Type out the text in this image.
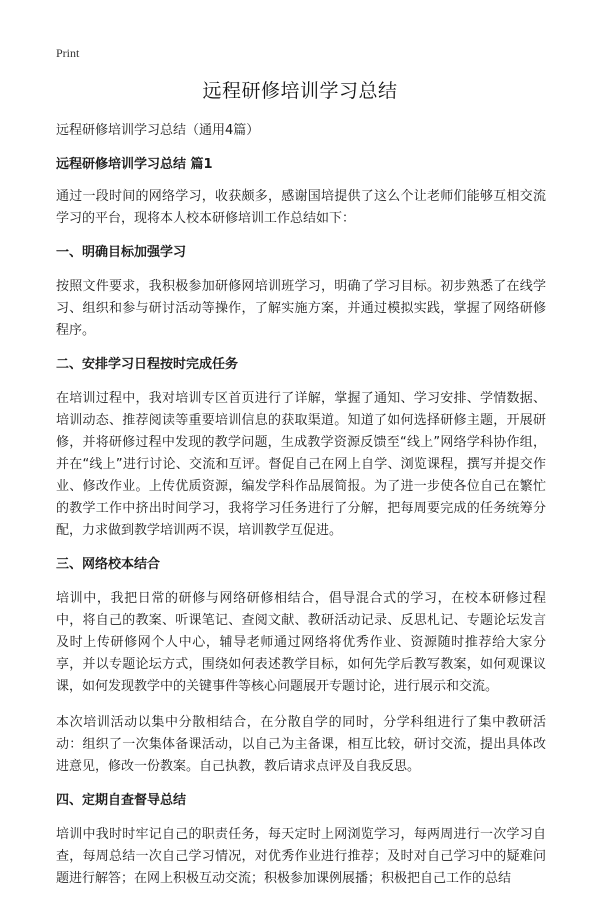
Print
远程研修培训学习总结

远程研修培训学习总结（通用4篇）

远程研修培训学习总结 篇1

通过一段时间的网络学习，收获颇多，感谢国培提供了这么个让老师们能够互相交流学习的平台，现将本人校本研修培训工作总结如下：

一、明确目标加强学习

按照文件要求，我积极参加研修网培训班学习，明确了学习目标。初步熟悉了在线学习、组织和参与研讨活动等操作，了解实施方案，并通过模拟实践，掌握了网络研修程序。

二、安排学习日程按时完成任务

在培训过程中，我对培训专区首页进行了详解，掌握了通知、学习安排、学情数据、培训动态、推荐阅读等重要培训信息的获取渠道。知道了如何选择研修主题，开展研修，并将研修过程中发现的教学问题，生成教学资源反馈至“线上”网络学科协作组，并在“线上”进行讨论、交流和互评。督促自己在网上自学、浏览课程，撰写并提交作业、修改作业。上传优质资源，编发学科作品展简报。为了进一步使各位自己在繁忙的教学工作中挤出时间学习，我将学习任务进行了分解，把每周要完成的任务统筹分配，力求做到教学培训两不误，培训教学互促进。

三、网络校本结合

培训中，我把日常的研修与网络研修相结合，倡导混合式的学习，在校本研修过程中，将自己的教案、听课笔记、查阅文献、教研活动记录、反思札记、专题论坛发言及时上传研修网个人中心，辅导老师通过网络将优秀作业、资源随时推荐给大家分享，并以专题论坛方式，围绕如何表述教学目标，如何先学后教写教案，如何观课议课，如何发现教学中的关键事件等核心问题展开专题讨论，进行展示和交流。

本次培训活动以集中分散相结合，在分散自学的同时，分学科组进行了集中教研活动：组织了一次集体备课活动，以自己为主备课，相互比较，研讨交流，提出具体改进意见，修改一份教案。自己执教，教后请求点评及自我反思。

四、定期自查督导总结

培训中我时时牢记自己的职责任务，每天定时上网浏览学习，每两周进行一次学习自查，每周总结一次自己学习情况，对优秀作业进行推荐；及时对自己学习中的疑难问题进行解答；在网上积极互动交流；积极参加课例展播；积极把自己工作的总结
